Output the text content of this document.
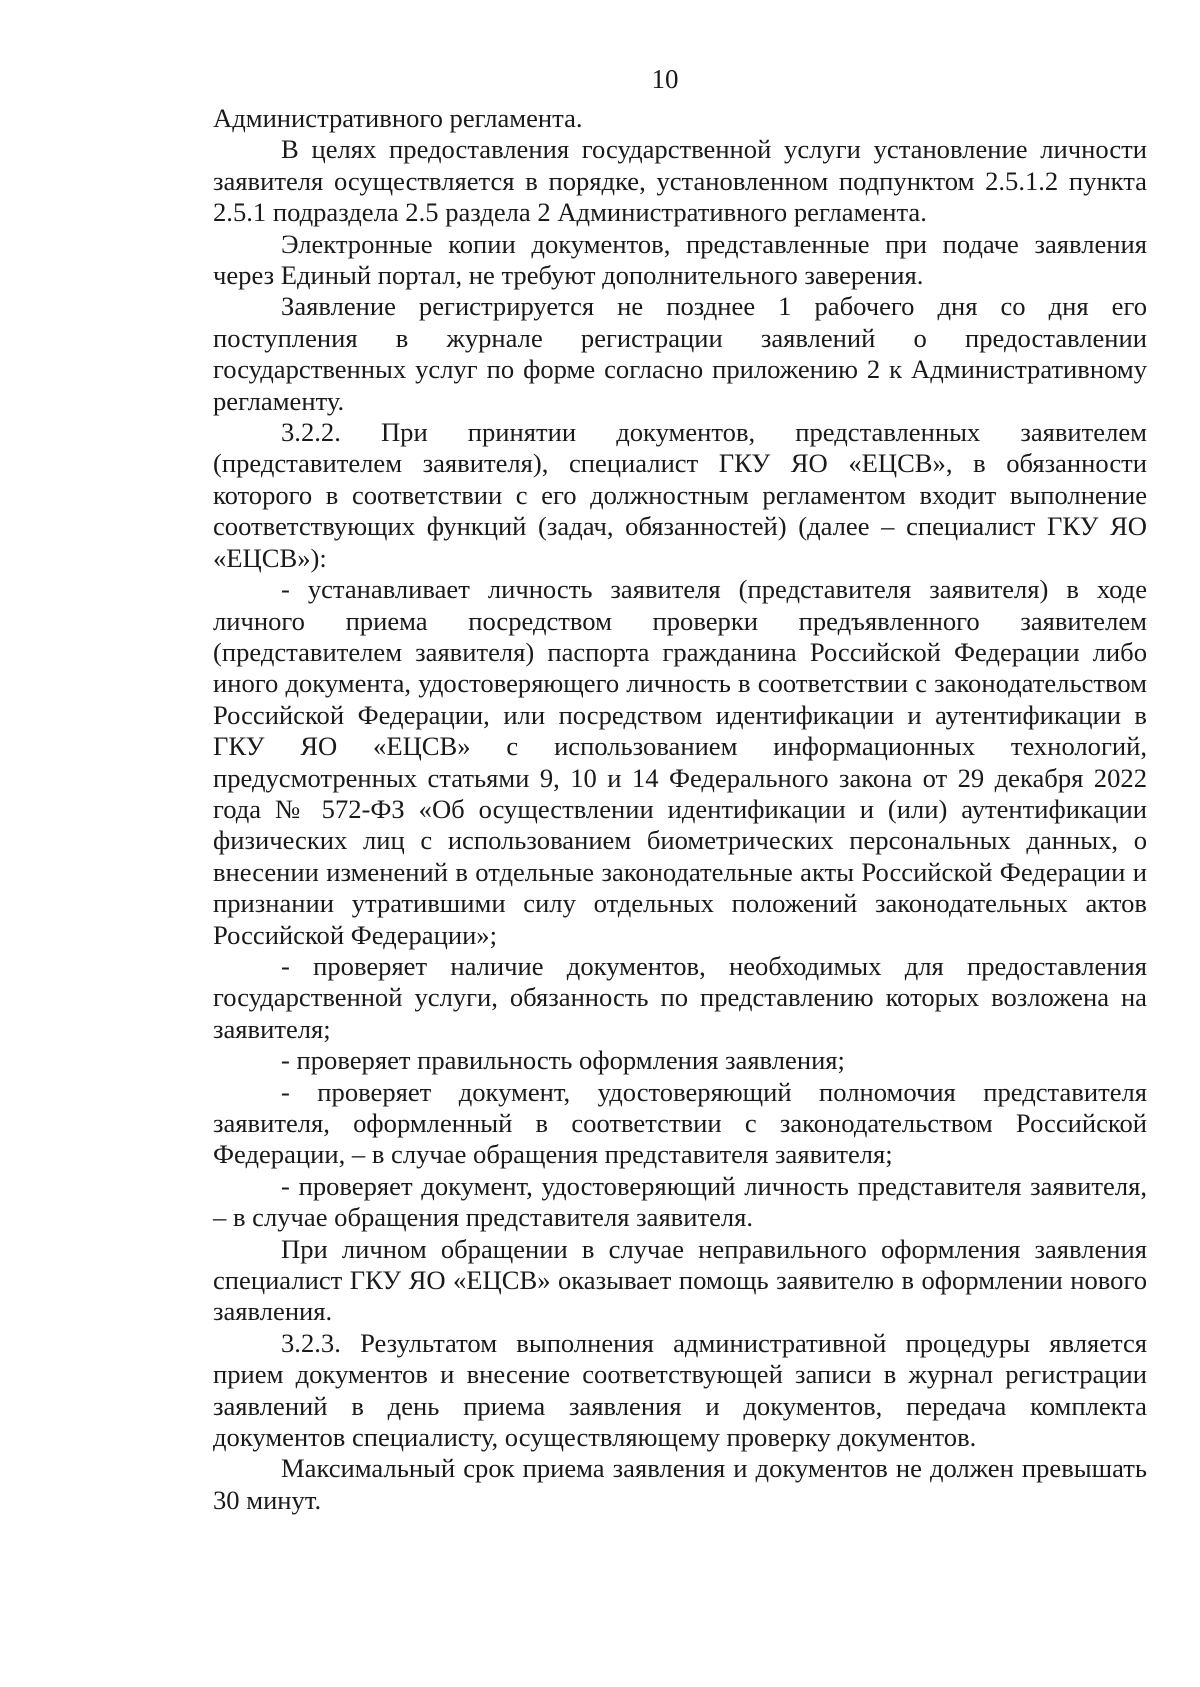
10

Административного регламента.

В целях предоставления государственной услуги установление личности заявителя осуществляется в порядке, установленном подпунктом 2.5.1.2 пункта 2.5.1 подраздела 2.5 раздела 2 Административного регламента.

Электронные копии документов, представленные при подаче заявления через Единый портал, не требуют дополнительного заверения.

Заявление регистрируется не позднее 1 рабочего дня со дня его поступления в журнале регистрации заявлений о предоставлении государственных услуг по форме согласно приложению 2 к Административному регламенту.

3.2.2. При принятии документов, представленных заявителем (представителем заявителя), специалист ГКУ ЯО «ЕЦСВ», в обязанности которого в соответствии с его должностным регламентом входит выполнение соответствующих функций (задач, обязанностей) (далее – специалист ГКУ ЯО «ЕЦСВ»):

- устанавливает личность заявителя (представителя заявителя) в ходе личного приема посредством проверки предъявленного заявителем (представителем заявителя) паспорта гражданина Российской Федерации либо иного документа, удостоверяющего личность в соответствии с законодательством Российской Федерации, или посредством идентификации и аутентификации в ГКУ ЯО «ЕЦСВ» с использованием информационных технологий, предусмотренных статьями 9, 10 и 14 Федерального закона от 29 декабря 2022 года № 572-ФЗ «Об осуществлении идентификации и (или) аутентификации физических лиц с использованием биометрических персональных данных, о внесении изменений в отдельные законодательные акты Российской Федерации и признании утратившими силу отдельных положений законодательных актов Российской Федерации»;

- проверяет наличие документов, необходимых для предоставления государственной услуги, обязанность по представлению которых возложена на заявителя;

- проверяет правильность оформления заявления;

- проверяет документ, удостоверяющий полномочия представителя заявителя, оформленный в соответствии с законодательством Российской Федерации, – в случае обращения представителя заявителя;

- проверяет документ, удостоверяющий личность представителя заявителя, – в случае обращения представителя заявителя.

При личном обращении в случае неправильного оформления заявления специалист ГКУ ЯО «ЕЦСВ» оказывает помощь заявителю в оформлении нового заявления.

3.2.3. Результатом выполнения административной процедуры является прием документов и внесение соответствующей записи в журнал регистрации заявлений в день приема заявления и документов, передача комплекта документов специалисту, осуществляющему проверку документов.

Максимальный срок приема заявления и документов не должен превышать 30 минут.
